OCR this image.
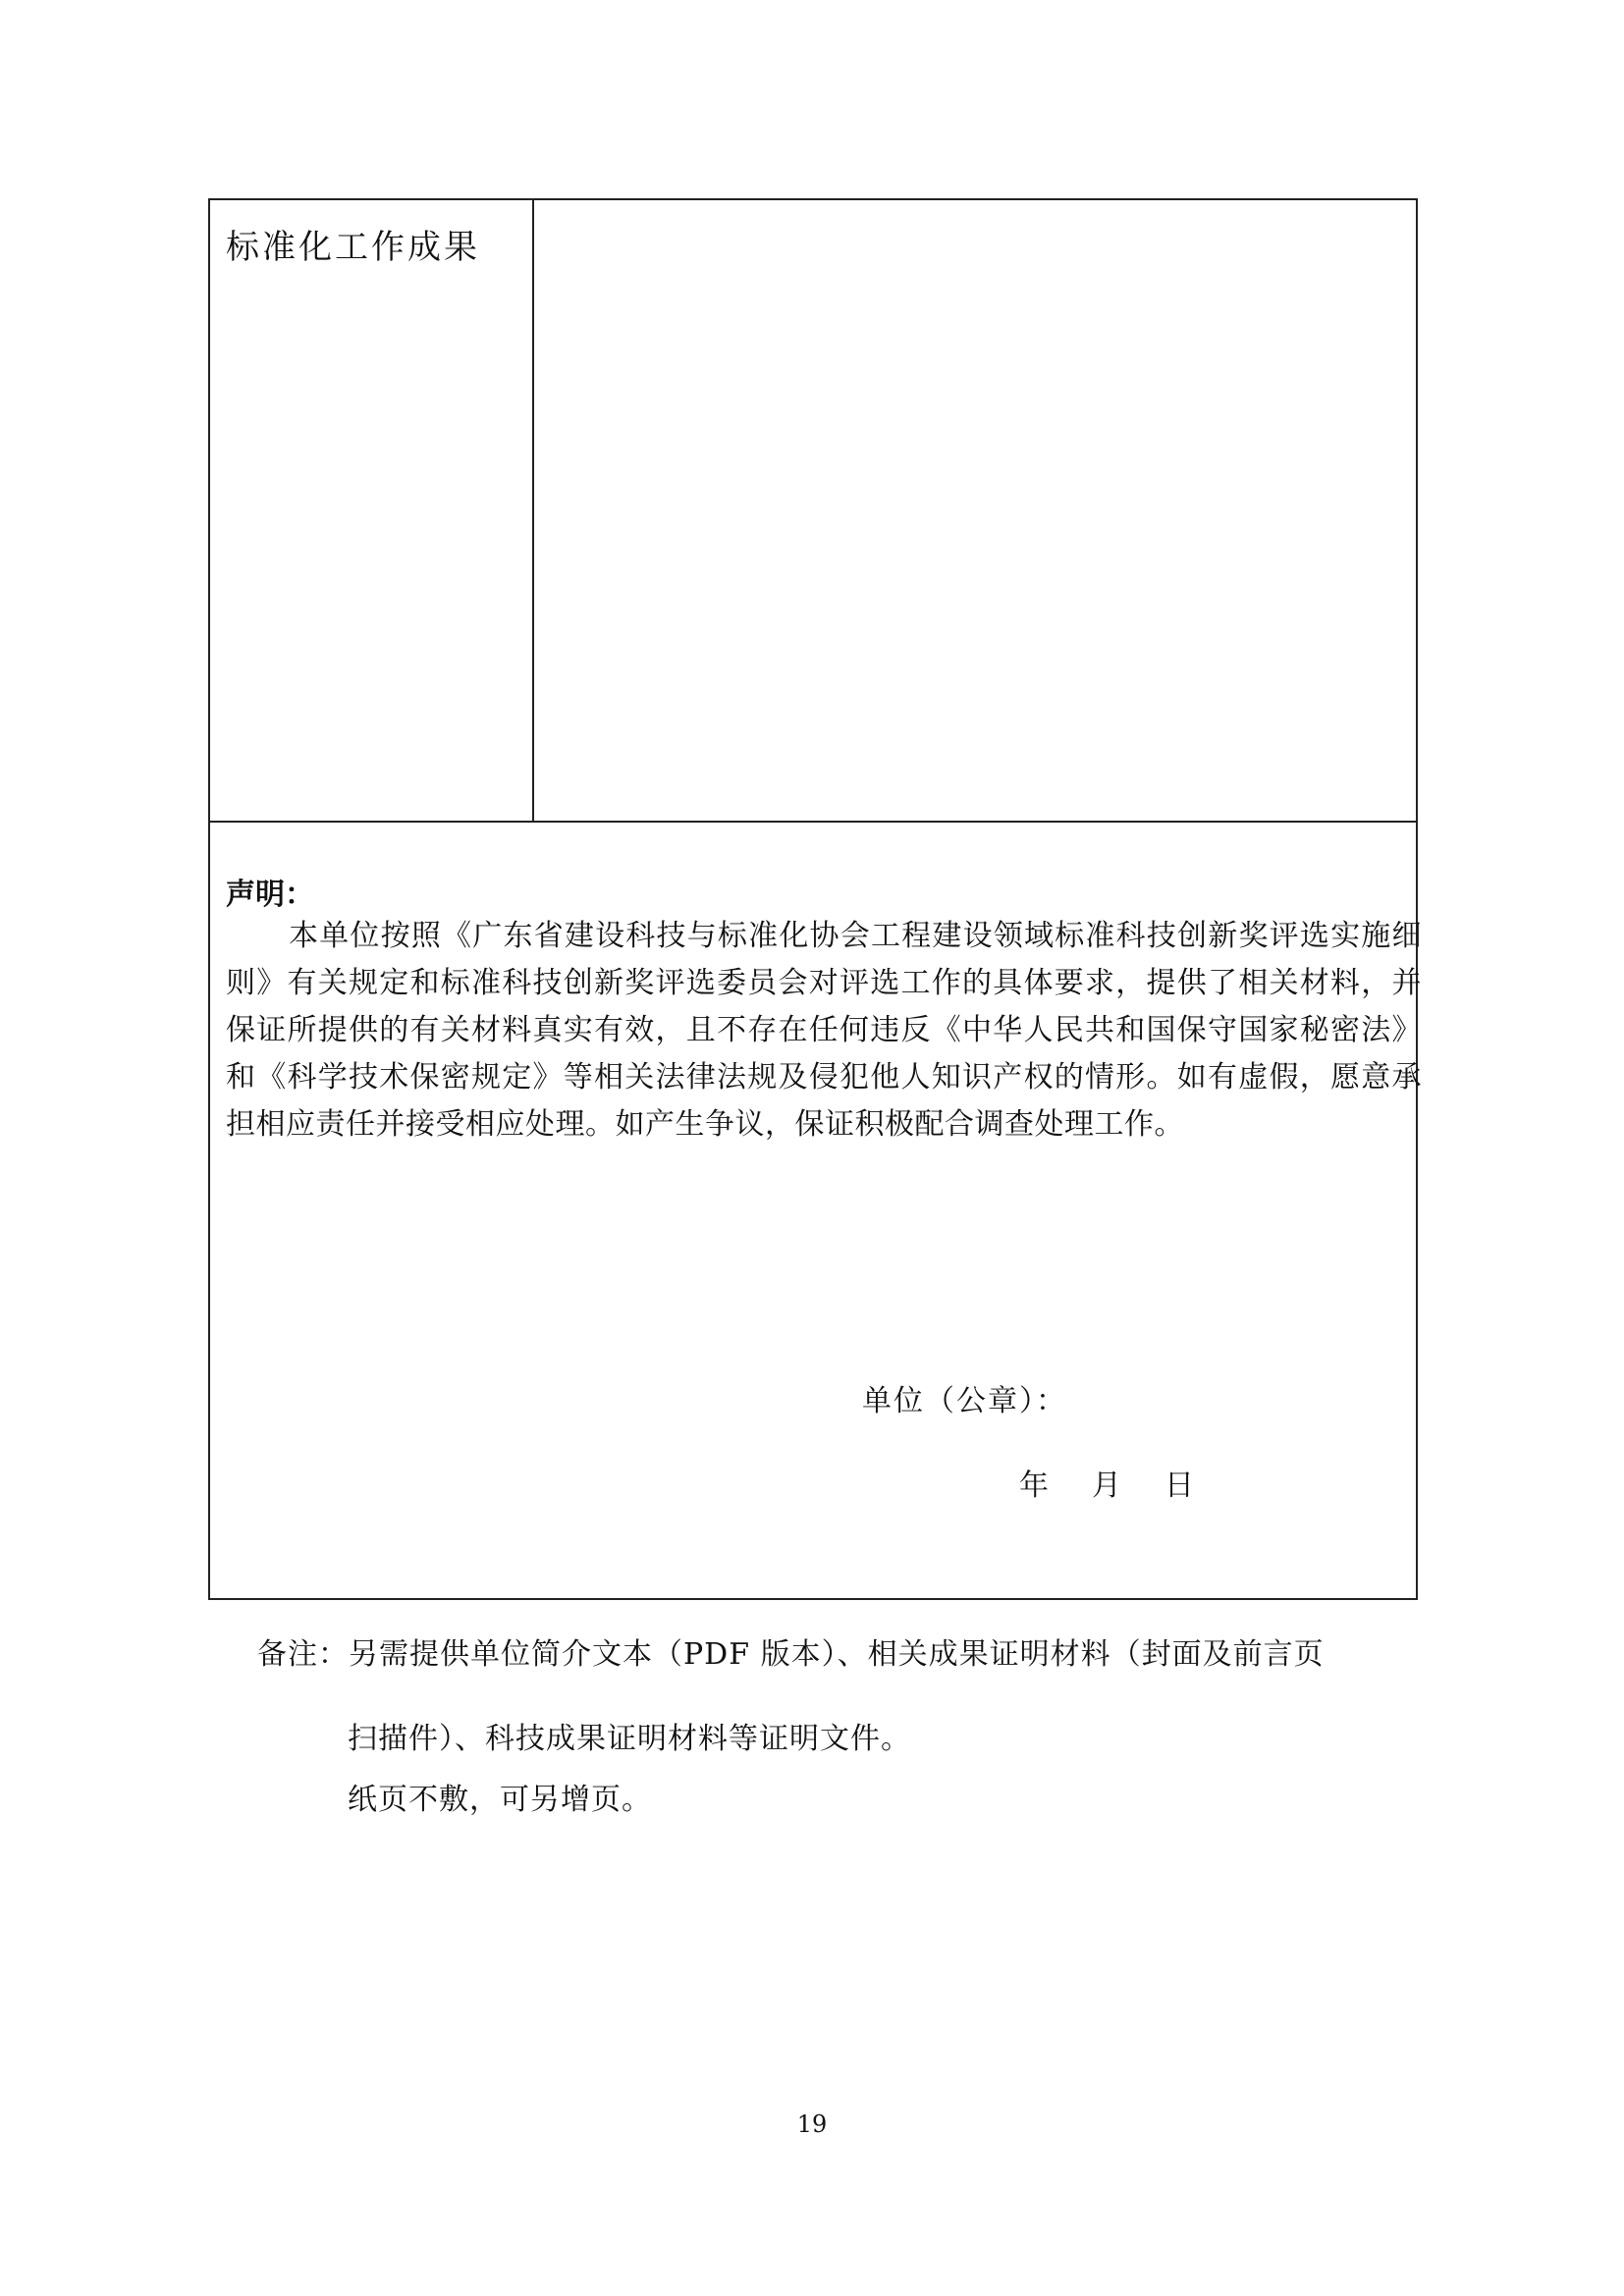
标准化工作成果
声明：
本单位按照《广东省建设科技与标准化协会工程建设领域标准科技创新奖评选实施细则》有关规定和标准科技创新奖评选委员会对评选工作的具体要求，提供了相关材料，并保证所提供的有关材料真实有效，且不存在任何违反《中华人民共和国保守国家秘密法》和《科学技术保密规定》等相关法律法规及侵犯他人知识产权的情形。如有虚假，愿意承担相应责任并接受相应处理。如产生争议，保证积极配合调查处理工作。
单位（公章）：
年 月 日
备注：另需提供单位简介文本（PDF 版本）、相关成果证明材料（封面及前言页
扫描件）、科技成果证明材料等证明文件。
纸页不敷，可另增页。
19
